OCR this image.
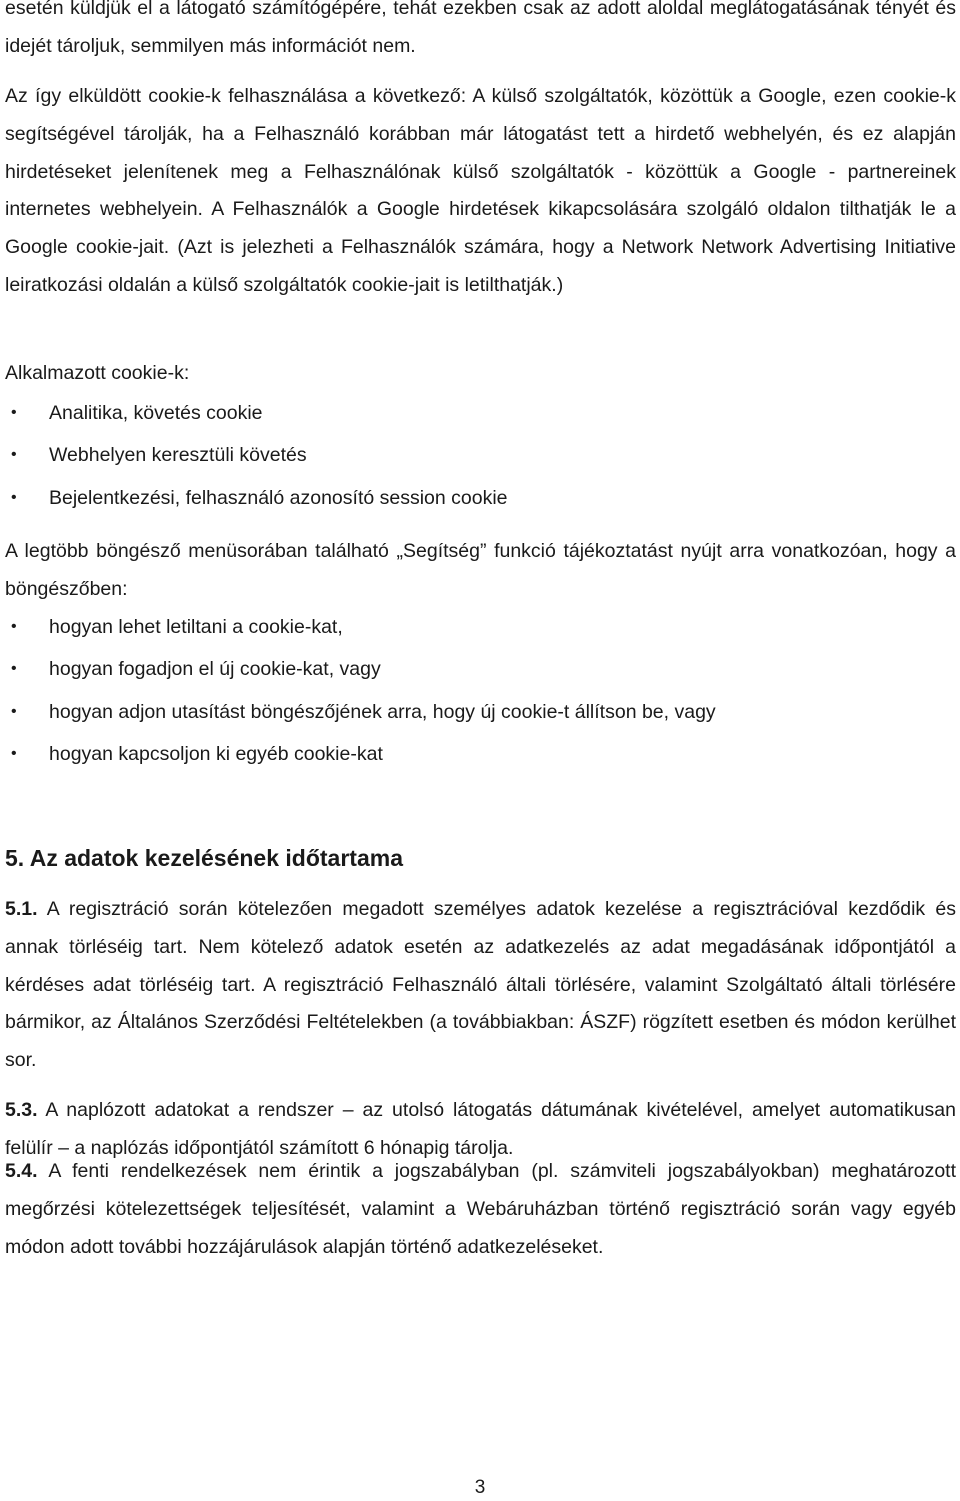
esetén küldjük el a látogató számítógépére, tehát ezekben csak az adott aloldal meglátogatásának tényét és idejét tároljuk, semmilyen más információt nem.

Az így elküldött cookie-k felhasználása a következő: A külső szolgáltatók, közöttük a Google, ezen cookie-k segítségével tárolják, ha a Felhasználó korábban már látogatást tett a hirdető webhelyén, és ez alapján hirdetéseket jelenítenek meg a Felhasználónak külső szolgáltatók - közöttük a Google - partnereinek internetes webhelyein. A Felhasználók a Google hirdetések kikapcsolására szolgáló oldalon tilthatják le a Google cookie-jait. (Azt is jelezheti a Felhasználók számára, hogy a Network Network Advertising Initiative leiratkozási oldalán a külső szolgáltatók cookie-jait is letilthatják.)

Alkalmazott cookie-k:

• Analitika, követés cookie
• Webhelyen keresztüli követés
• Bejelentkezési, felhasználó azonosító session cookie

A legtöbb böngésző menüsorában található „Segítség” funkció tájékoztatást nyújt arra vonatkozóan, hogy a böngészőben:

• hogyan lehet letiltani a cookie-kat,
• hogyan fogadjon el új cookie-kat, vagy
• hogyan adjon utasítást böngészőjének arra, hogy új cookie-t állítson be, vagy
• hogyan kapcsoljon ki egyéb cookie-kat
5. Az adatok kezelésének időtartama

5.1. A regisztráció során kötelezően megadott személyes adatok kezelése a regisztrációval kezdődik és annak törléséig tart. Nem kötelező adatok esetén az adatkezelés az adat megadásának időpontjától a kérdéses adat törléséig tart. A regisztráció Felhasználó általi törlésére, valamint Szolgáltató általi törlésére bármikor, az Általános Szerződési Feltételekben (a továbbiakban: ÁSZF) rögzített esetben és módon kerülhet sor.

5.3. A naplózott adatokat a rendszer – az utolsó látogatás dátumának kivételével, amelyet automatikusan felülír – a naplózás időpontjától számított 6 hónapig tárolja.

5.4. A fenti rendelkezések nem érintik a jogszabályban (pl. számviteli jogszabályokban) meghatározott megőrzési kötelezettségek teljesítését, valamint a Webáruházban történő regisztráció során vagy egyéb módon adott további hozzájárulások alapján történő adatkezeléseket.

3
